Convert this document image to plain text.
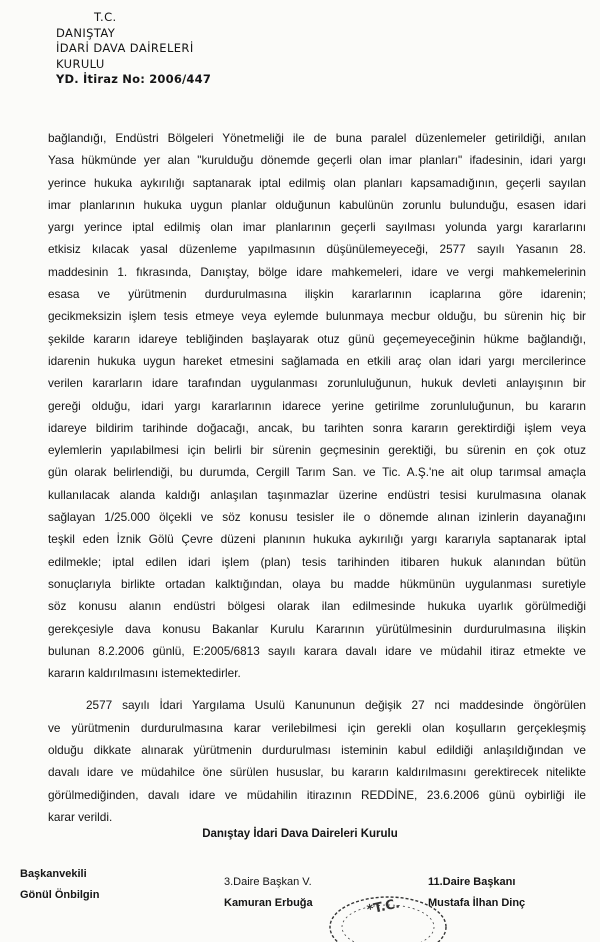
T.C.
DANIŞTAY
İDARİ DAVA DAİRELERİ
KURULU
YD. İtiraz No: 2006/447
bağlandığı, Endüstri Bölgeleri Yönetmeliği ile de buna paralel düzenlemeler getirildiği, anılan
Yasa hükmünde yer alan "kurulduğu dönemde geçerli olan imar planları" ifadesinin, idari yargı
yerince hukuka aykırılığı saptanarak iptal edilmiş olan planları kapsamadığının, geçerli sayılan
imar planlarının hukuka uygun planlar olduğunun kabulünün zorunlu bulunduğu, esasen idari
yargı yerince iptal edilmiş olan imar planlarının geçerli sayılması yolunda yargı kararlarını
etkisiz kılacak yasal düzenleme yapılmasının düşünülemeyeceği, 2577 sayılı Yasanın 28.
maddesinin 1. fıkrasında, Danıştay, bölge idare mahkemeleri, idare ve vergi mahkemelerinin
esasa ve yürütmenin durdurulmasına ilişkin kararlarının icaplarına göre idarenin;
gecikmeksizin işlem tesis etmeye veya eylemde bulunmaya mecbur olduğu, bu sürenin hiç bir
şekilde kararın idareye tebliğinden başlayarak otuz günü geçemeyeceğinin hükme bağlandığı,
idarenin hukuka uygun hareket etmesini sağlamada en etkili araç olan idari yargı mercilerince
verilen kararların idare tarafından uygulanması zorunluluğunun, hukuk devleti anlayışının bir
gereği olduğu, idari yargı kararlarının idarece yerine getirilme zorunluluğunun, bu kararın
idareye bildirim tarihinde doğacağı, ancak, bu tarihten sonra kararın gerektirdiği işlem veya
eylemlerin yapılabilmesi için belirli bir sürenin geçmesinin gerektiği, bu sürenin en çok otuz
gün olarak belirlendiği, bu durumda, Cergill Tarım San. ve Tic. A.Ş.'ne ait olup tarımsal amaçla
kullanılacak alanda kaldığı anlaşılan taşınmazlar üzerine endüstri tesisi kurulmasına olanak
sağlayan 1/25.000 ölçekli ve söz konusu tesisler ile o dönemde alınan izinlerin dayanağını
teşkil eden İznik Gölü Çevre düzeni planının hukuka aykırılığı yargı kararıyla saptanarak iptal
edilmekle; iptal edilen idari işlem (plan) tesis tarihinden itibaren hukuk alanından bütün
sonuçlarıyla birlikte ortadan kalktığından, olaya bu madde hükmünün uygulanması suretiyle
söz konusu alanın endüstri bölgesi olarak ilan edilmesinde hukuka uyarlık görülmediği
gerekçesiyle dava konusu Bakanlar Kurulu Kararının yürütülmesinin durdurulmasına ilişkin
bulunan 8.2.2006 günlü, E:2005/6813 sayılı karara davalı idare ve müdahil itiraz etmekte ve
kararın kaldırılmasını istemektedirler.
2577 sayılı İdari Yargılama Usulü Kanununun değişik 27 nci maddesinde öngörülen
ve yürütmenin durdurulmasına karar verilebilmesi için gerekli olan koşulların gerçekleşmiş
olduğu dikkate alınarak yürütmenin durdurulması isteminin kabul edildiği anlaşıldığından ve
davalı idare ve müdahilce öne sürülen hususlar, bu kararın kaldırılmasını gerektirecek nitelikte
görülmediğinden, davalı idare ve müdahilin itirazının REDDİNE, 23.6.2006 günü oybirliği ile
karar verildi.
Danıştay İdari Dava Daireleri Kurulu
Başkanvekili
Gönül Önbilgin
3.Daire Başkan V.
Kamuran Erbuğa	*T.C.
11.Daire Başkanı
Mustafa İlhan Dinç
